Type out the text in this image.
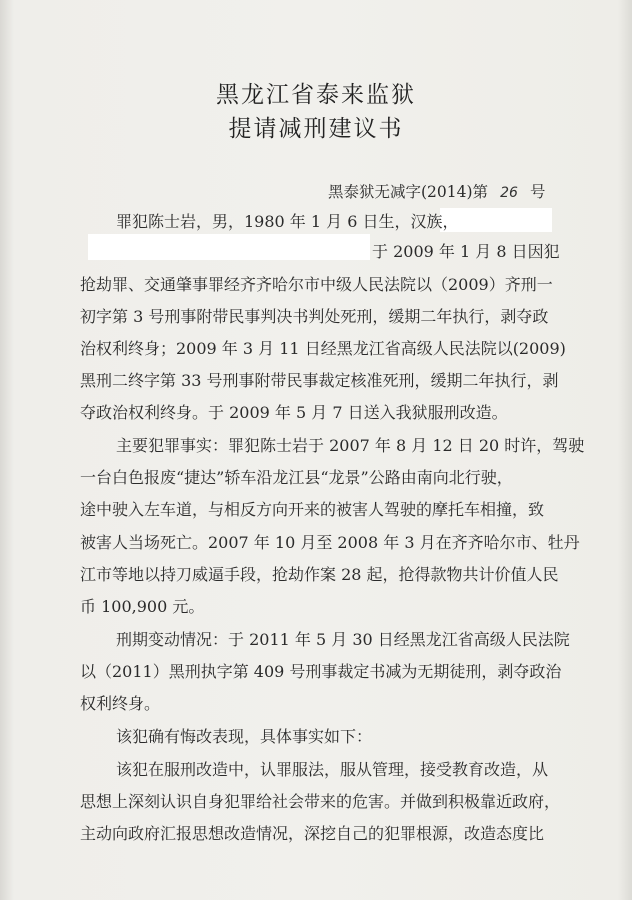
黑龙江省泰来监狱
提请减刑建议书
黑泰狱无减字(2014)第 26 号
罪犯陈士岩，男，1980 年 1 月 6 日生，汉族，
于 2009 年 1 月 8 日因犯
抢劫罪、交通肇事罪经齐齐哈尔市中级人民法院以（2009）齐刑一
初字第 3 号刑事附带民事判决书判处死刑，缓期二年执行，剥夺政
治权利终身；2009 年 3 月 11 日经黑龙江省高级人民法院以(2009)
黑刑二终字第 33 号刑事附带民事裁定核准死刑，缓期二年执行，剥
夺政治权利终身。于 2009 年 5 月 7 日送入我狱服刑改造。
主要犯罪事实：罪犯陈士岩于 2007 年 8 月 12 日 20 时许，驾驶
一台白色报废“捷达”轿车沿龙江县“龙景”公路由南向北行驶，
途中驶入左车道，与相反方向开来的被害人驾驶的摩托车相撞，致
被害人当场死亡。2007 年 10 月至 2008 年 3 月在齐齐哈尔市、牡丹
江市等地以持刀威逼手段，抢劫作案 28 起，抢得款物共计价值人民
币 100,900 元。
刑期变动情况：于 2011 年 5 月 30 日经黑龙江省高级人民法院
以（2011）黑刑执字第 409 号刑事裁定书减为无期徒刑，剥夺政治
权利终身。
该犯确有悔改表现，具体事实如下：
该犯在服刑改造中，认罪服法，服从管理，接受教育改造，从
思想上深刻认识自身犯罪给社会带来的危害。并做到积极靠近政府，
主动向政府汇报思想改造情况，深挖自己的犯罪根源，改造态度比
